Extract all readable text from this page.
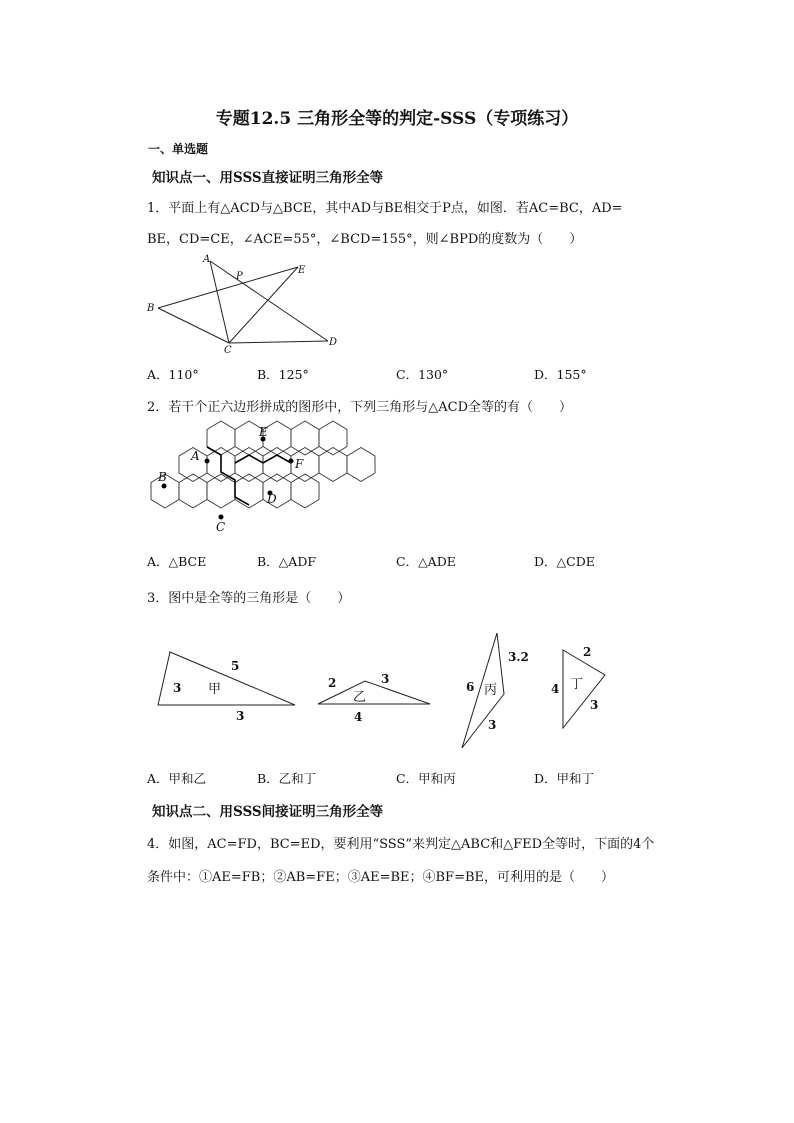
专题12.5 三角形全等的判定-SSS（专项练习）
一、单选题
知识点一、用SSS直接证明三角形全等
1．平面上有△ACD与△BCE，其中AD与BE相交于P点，如图．若AC=BC，AD=
BE，CD=CE，∠ACE=55°，∠BCD=155°，则∠BPD的度数为（　　）
A
P
E
B
C
D
A．110°	B．125°	C．130°	D．155°
2．若干个正六边形拼成的图形中，下列三角形与△ACD全等的有（　　）
E
A
F
B
D
C
A．△BCE	B．△ADF	C．△ADE	D．△CDE
3．图中是全等的三角形是（　　）
5
3
3
甲	2	3
4
乙
3.2
6
3
丙
2
4
3
丁
A．甲和乙	B．乙和丁	C．甲和丙	D．甲和丁
知识点二、用SSS间接证明三角形全等
4．如图，AC=FD，BC=ED，要利用“SSS”来判定△ABC和△FED全等时，下面的4个
条件中：①AE=FB；②AB=FE；③AE=BE；④BF=BE，可利用的是（　　）
